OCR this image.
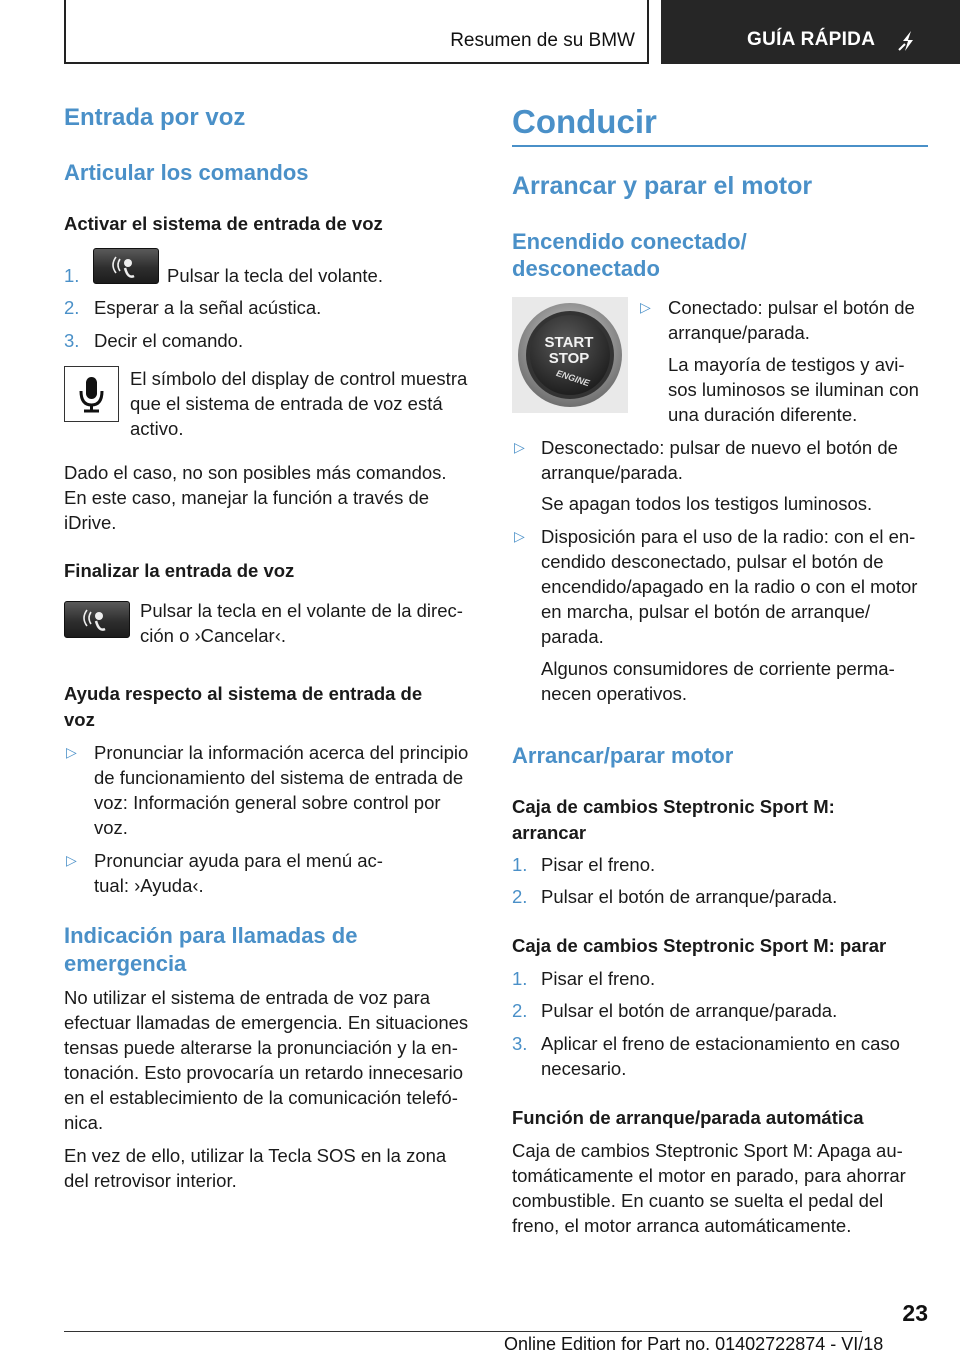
Resumen de su BMW	GUÍA RÁPIDA
Entrada por voz
Articular los comandos
Activar el sistema de entrada de voz
1.	Pulsar la tecla del volante.
2. Esperar a la señal acústica.
3. Decir el comando.
El símbolo del display de control muestra
que el sistema de entrada de voz está
activo.
Dado el caso, no son posibles más comandos.
En este caso, manejar la función a través de
iDrive.
Finalizar la entrada de voz
Pulsar la tecla en el volante de la direc‐
ción o ›Cancelar‹.
Ayuda respecto al sistema de entrada de
voz
▷ Pronunciar la información acerca del principio
de funcionamiento del sistema de entrada de
voz: Información general sobre control por
voz.
▷ Pronunciar ayuda para el menú ac‐
tual: ›Ayuda‹.
Indicación para llamadas de
emergencia
No utilizar el sistema de entrada de voz para
efectuar llamadas de emergencia. En situaciones
tensas puede alterarse la pronunciación y la en‐
tonación. Esto provocaría un retardo innecesario
en el establecimiento de la comunicación telefó‐
nica.
En vez de ello, utilizar la Tecla SOS en la zona
del retrovisor interior.
Conducir
Arrancar y parar el motor
Encendido conectado/
desconectado
START
STOP
ENGINE
▷ Conectado: pulsar el botón de
arranque/parada.
La mayoría de testigos y avi‐
sos luminosos se iluminan con
una duración diferente.
▷ Desconectado: pulsar de nuevo el botón de
arranque/parada.
Se apagan todos los testigos luminosos.
▷ Disposición para el uso de la radio: con el en‐
cendido desconectado, pulsar el botón de
encendido/apagado en la radio o con el motor
en marcha, pulsar el botón de arranque/
parada.
Algunos consumidores de corriente perma‐
necen operativos.
Arrancar/parar motor
Caja de cambios Steptronic Sport M:
arrancar
1. Pisar el freno.
2. Pulsar el botón de arranque/parada.
Caja de cambios Steptronic Sport M: parar
1. Pisar el freno.
2. Pulsar el botón de arranque/parada.
3. Aplicar el freno de estacionamiento en caso
necesario.
Función de arranque/parada automática
Caja de cambios Steptronic Sport M: Apaga au‐
tomáticamente el motor en parado, para ahorrar
combustible. En cuanto se suelta el pedal del
freno, el motor arranca automáticamente.
23
Online Edition for Part no. 01402722874 - VI/18
